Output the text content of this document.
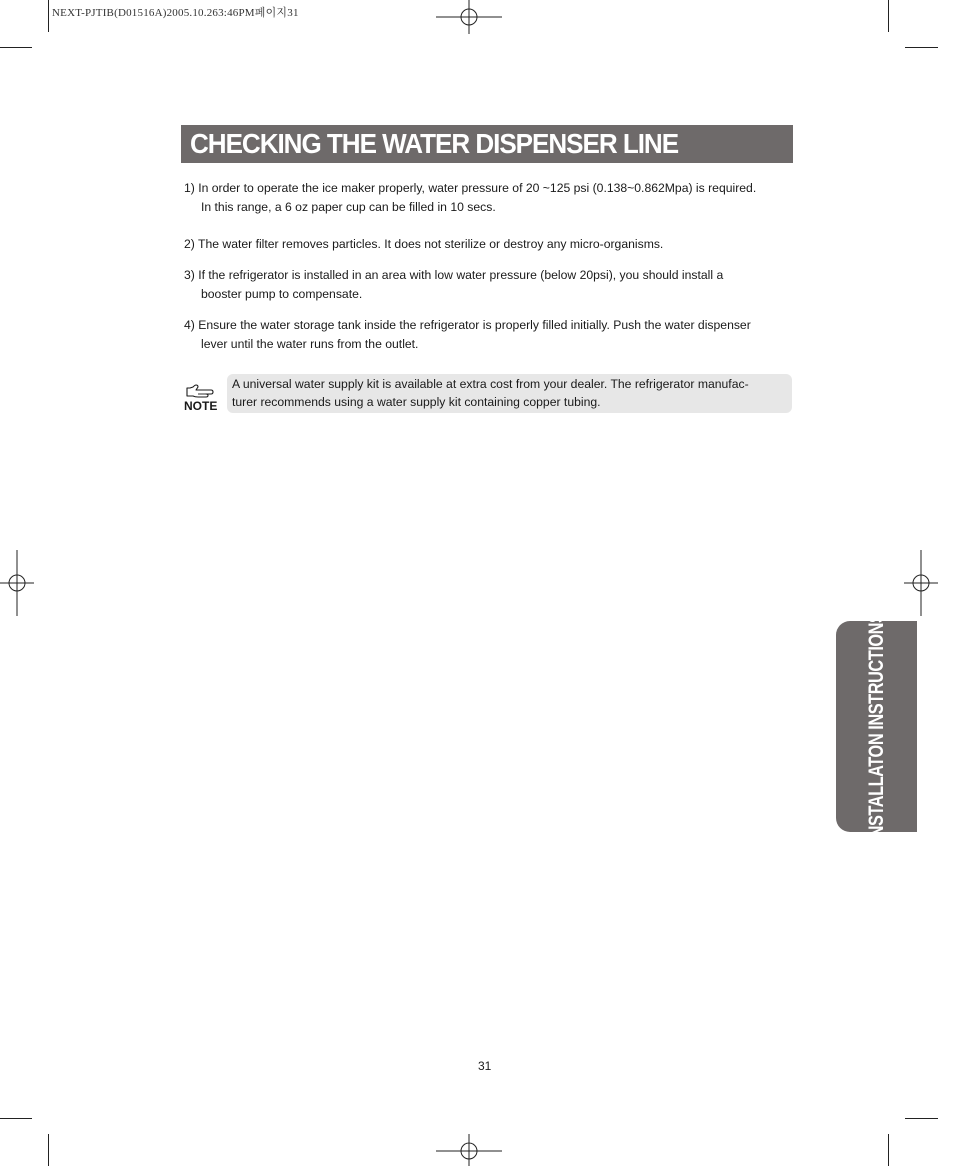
NEXT-PJTIB(D01516A)2005.10.263:46PM페이지31
CHECKING THE WATER DISPENSER LINE
1) In order to operate the ice maker properly, water pressure of 20 ~125 psi (0.138~0.862Mpa) is required.
In this range, a 6 oz paper cup can be filled in 10 secs.
2) The water filter removes particles. It does not sterilize or destroy any micro-organisms.
3) If the refrigerator is installed in an area with low water pressure (below 20psi), you should install a
booster pump to compensate.
4) Ensure the water storage tank inside the refrigerator is properly filled initially. Push the water dispenser
lever until the water runs from the outlet.
NOTE
A universal water supply kit is available at extra cost from your dealer. The refrigerator manufac-
turer recommends using a water supply kit containing copper tubing.
INSTALLATON INSTRUCTIONS
31
